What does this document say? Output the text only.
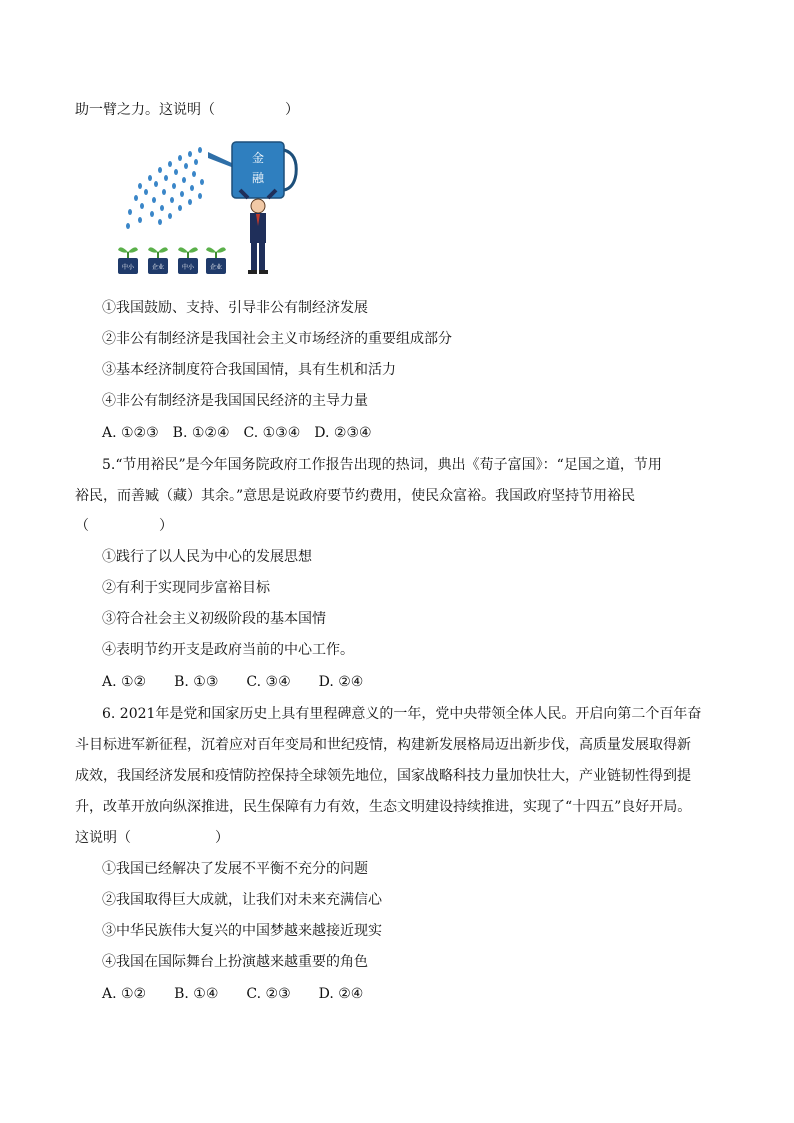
助一臂之力。这说明（　　　　　）
金
融
中小	企业	中小	企业
①我国鼓励、支持、引导非公有制经济发展
②非公有制经济是我国社会主义市场经济的重要组成部分
③基本经济制度符合我国国情，具有生机和活力
④非公有制经济是我国国民经济的主导力量
A. ①②③　B. ①②④　C. ①③④　D. ②③④
5.“节用裕民”是今年国务院政府工作报告出现的热词，典出《荀子富国》：“足国之道，节用
裕民，而善臧（藏）其余。”意思是说政府要节约费用，使民众富裕。我国政府坚持节用裕民
（　　　　　）
①践行了以人民为中心的发展思想
②有利于实现同步富裕目标
③符合社会主义初级阶段的基本国情
④表明节约开支是政府当前的中心工作。
A. ①②　　B. ①③　　C. ③④　　D. ②④
6. 2021年是党和国家历史上具有里程碑意义的一年，党中央带领全体人民。开启向第二个百年奋
斗目标进军新征程，沉着应对百年变局和世纪疫情，构建新发展格局迈出新步伐，高质量发展取得新
成效，我国经济发展和疫情防控保持全球领先地位，国家战略科技力量加快壮大，产业链韧性得到提
升，改革开放向纵深推进，民生保障有力有效，生态文明建设持续推进，实现了“十四五”良好开局。
这说明（　　　　　　）
①我国已经解决了发展不平衡不充分的问题
②我国取得巨大成就，让我们对未来充满信心
③中华民族伟大复兴的中国梦越来越接近现实
④我国在国际舞台上扮演越来越重要的角色
A. ①②　　B. ①④　　C. ②③　　D. ②④
